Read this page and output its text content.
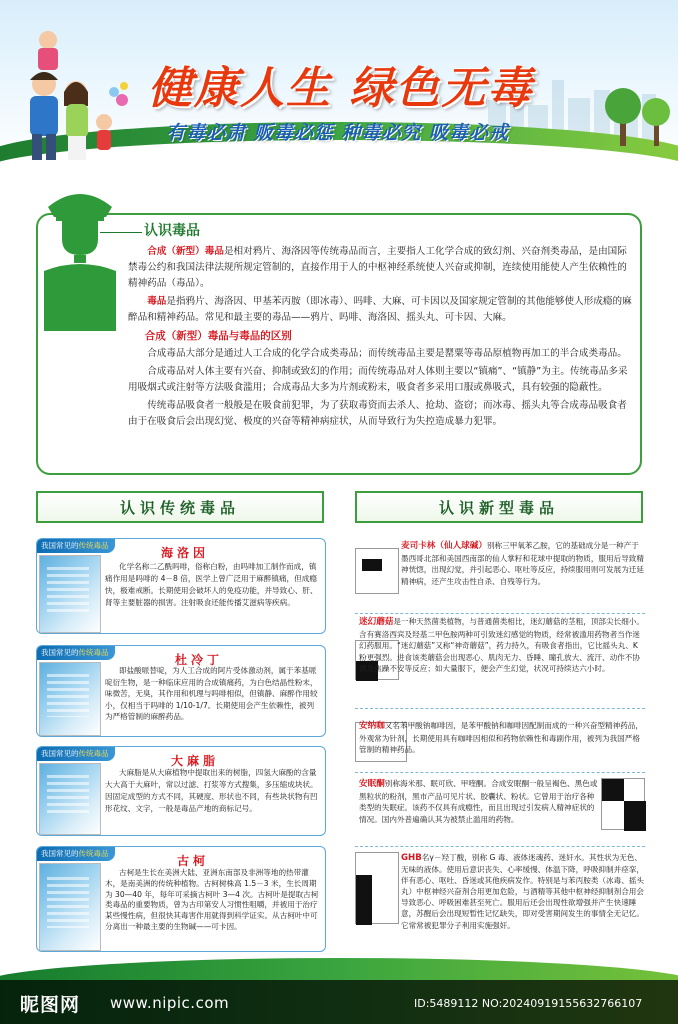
健康人生 绿色无毒
有毒必肃 贩毒必惩 种毒必究 吸毒必戒
认识毒品

合成（新型）毒品是相对鸦片、海洛因等传统毒品而言，主要指人工化学合成的致幻剂、兴奋剂类毒品，是由国际禁毒公约和我国法律法规所规定管制的，直接作用于人的中枢神经系统使人兴奋或抑制，连续使用能使人产生依赖性的精神药品（毒品）。

毒品是指鸦片、海洛因、甲基苯丙胺（即冰毒）、吗啡、大麻、可卡因以及国家规定管制的其他能够使人形成瘾的麻醉品和精神药品。常见和最主要的毒品——鸦片、吗啡、海洛因、摇头丸、可卡因、大麻。

合成（新型）毒品与毒品的区别

合成毒品大部分是通过人工合成的化学合成类毒品；而传统毒品主要是罂粟等毒品原植物再加工的半合成类毒品。

合成毒品对人体主要有兴奋、抑制或致幻的作用；而传统毒品对人体则主要以“镇痛”、“镇静”为主。传统毒品多采用吸烟式或注射等方法吸食滥用；合成毒品大多为片剂或粉末，吸食者多采用口服或鼻吸式，具有较强的隐蔽性。

传统毒品吸食者一般般是在吸食前犯罪，为了获取毒资而去杀人、抢劫、盗窃；而冰毒、摇头丸等合成毒品吸食者由于在吸食后会出现幻觉、极度的兴奋等精神病症状，从而导致行为失控造成暴力犯罪。

认识传统毒品	认识新型毒品
我国常见的传统毒品
海洛因
化学名称二乙酰吗啡，俗称白粉，由吗啡加工制作而成，镇痛作用是吗啡的 4－8 倍，医学上曾广泛用于麻醉镇痛，但成瘾快，极难戒断。长期使用会破坏人的免疫功能，并导致心、肝、肾等主要脏器的损害。注射吸食还能传播艾滋病等疾病。
我国常见的传统毒品
杜冷丁
即盐酸哌替啶，为人工合成的阿片受体激动剂，属于苯基哌啶衍生物，是一种临床应用的合成镇痛药，为白色结晶性粉末，味微苦，无臭，其作用和机理与吗啡相似，但镇静、麻醉作用较小，仅相当于吗啡的 1/10-1/7。长期使用会产生依赖性，被列为严格管制的麻醉药品。
我国常见的传统毒品
大麻脂
大麻脂是从大麻植物中提取出来的树脂，四氢大麻酚的含量大大高于大麻叶，常以过滤、打浆等方式搜集，多压缩成块状。因固定成型的方式不同，其硬度、形状也不同，有些块状物有凹形花纹、文字，一般是毒品产地的商标记号。
我国常见的传统毒品
古柯
古柯是生长在美洲大陆、亚洲东南部及非洲等地的热带灌木，是南美洲的传统种植物。古柯树株高 1.5－3 米，生长周期为 30—40 年，每年可采摘古柯叶 3—4 次。古柯叶是提取古柯类毒品的重要物质，曾为古印第安人习惯性咀嚼，并被用于治疗某些慢性病，但很快其毒害作用就得到科学证实。从古柯叶中可分离出一种最主要的生物碱——可卡因。
麦司卡林（仙人球碱）别称三甲氧苯乙胺，它的基础成分是一种产于墨西哥北部和美国西南部的仙人掌籽和花球中提取的物质，服用后导致精神恍惚，出现幻觉，并引起恶心、呕吐等反应，持续服用则可发展为迁延精神病，还产生攻击性自杀、自残等行为。
迷幻蘑菇是一种天然菌类植物，与普通菌类相比，迷幻蘑菇的茎粗，顶部尖长细小。含有赛洛西宾及羟基二甲色胺两种可引致迷幻感觉的物质，经常被滥用药物者当作迷幻药服用。“迷幻蘑菇”又称“神奇蘑菇”，药力持久，有吸食者指出，它比摇头丸、K 粉更强烈。进食该类蘑菇会出现恶心、肌肉无力、昏睡、瞳孔放大、流汗、动作不协调及焦躁不安等反应；如大量服下，便会产生幻觉，状况可持续达六小时。
安纳咖又名苯甲酸钠咖啡因，是苯甲酸钠和咖啡因配制而成的一种兴奋型精神药品，外观常为针剂，长期使用具有咖啡因相似和药物依赖性和毒副作用，被列为我国严格管制的精神药品。
安眠酮别称海米那、眠可欣、甲喹酮。合成安眠酮一般呈褐色、黑色或黑粒状的粉剂，黑市产品可见片状、胶囊状、粉状。它曾用于治疗各种类型的失眠症。该药不仅具有成瘾性，而且出现过引发病人精神症状的情况。国内外普遍确认其为被禁止滥用的药物。
GHB名γ－羟丁酸，别称 G 毒、液体迷魂药、迷奸水。其性状为无色、无味的液体。使用后意识丧失、心率缓慢、体温下降，呼吸抑制并痉挛，伴有恶心、呕吐、昏迷或其他疾病发作。特别是与苯丙胺类（冰毒、摇头丸）中枢神经兴奋剂合用更加危险，与酒精等其他中枢神经抑制剂合用会导致恶心、呼吸困难甚至死亡。服用后还会出现性欲增强并产生快速睡意，苏醒后会出现短暂性记忆缺失，即对受害期间发生的事情全无记忆。它常常被犯罪分子利用实施强奸。
昵图网 www.nipic.com	ID:5489112 NO:20240919155632766107
